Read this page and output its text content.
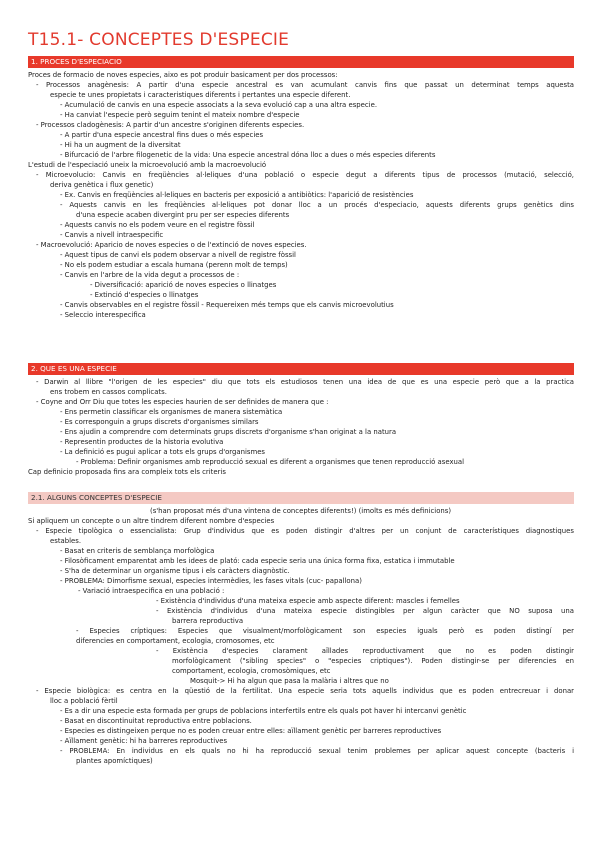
T15.1- CONCEPTES D'ESPECIE
1. PROCES D'ESPECIACIO
Proces de formacio de noves especies, aixo es pot produir basicament per dos processos:
- Processos anagènesis: A partir d'una especie ancestral es van acumulant canvis fins que passat un determinat temps aquesta
especie te unes propietats i caracteristiques diferents i pertantes una especie diferent.
- Acumulació de canvis en una especie associats a la seva evolució cap a una altra especie.
- Ha canviat l'especie però seguim tenint el mateix nombre d'especie
- Processos cladogènesis: A partir d'un ancestre s'originen diferents especies.
- A partir d'una especie ancestral fins dues o més especies
- Hi ha un augment de la diversitat
- Bifurcació de l'arbre filogenetic de la vida: Una especie ancestral dóna lloc a dues o més especies diferents
L'estudi de l'especiació uneix la microevolució amb la macroevolució
- Microevolucio: Canvis en freqüències al·leliques d'una població o especie degut a diferents tipus de processos (mutació, selecció,
deriva genètica i flux genetic)
- Ex. Canvis en freqüències al·leliques en bacteris per exposició a antibiòtics: l'aparició de resistències
- Aquests canvis en les freqüències al·leliques pot donar lloc a un procés d'especiacio, aquests diferents grups genètics dins
d'una especie acaben divergint pru per ser especies diferents
- Aquests canvis no els podem veure en el registre fòssil
- Canvis a nivell intraespecific
- Macroevolució: Aparicio de noves especies o de l'extinció de noves especies.
- Aquest tipus de canvi els podem observar a nivell de registre fòssil
- No els podem estudiar a escala humana (perenn molt de temps)
- Canvis en l'arbre de la vida degut a processos de :
- Diversificació: aparició de noves especies o llinatges
- Extinció d'especies o llinatges
- Canvis observables en el registre fòssil - Requereixen més temps que els canvis microevolutius
- Seleccio interespecifica
2. QUE ES UNA ESPECIE
- Darwin al llibre "l'origen de les especies" diu que tots els estudiosos tenen una idea de que es una especie però que a la practica
ens trobem en cassos complicats.
- Coyne and Orr Diu que totes les especies haurien de ser definides de manera que :
- Ens permetin classificar els organismes de manera sistemàtica
- Es corresponguin a grups discrets d'organismes similars
- Ens ajudin a comprendre com determinats grups discrets d'organisme s'han originat a la natura
- Representin productes de la historia evolutiva
- La definició es pugui aplicar a tots els grups d'organismes
- Problema: Definir organismes amb reproducció sexual es diferent a organismes que tenen reproducció asexual
Cap definicio proposada fins ara compleix tots els criteris
2.1. ALGUNS CONCEPTES D'ESPECIE
(s'han proposat més d'una vintena de conceptes diferents!) (imolts es més definicions)
Si apliquem un concepte o un altre tindrem diferent nombre d'especies
- Especie tipològica o essencialista: Grup d'individus que es poden distingir d'altres per un conjunt de característiques diagnostiques
estables.
- Basat en criteris de semblança morfològica
- Filosòficament emparentat amb les idees de plató: cada especie seria una única forma fixa, estatica i immutable
- S'ha de determinar un organisme tipus i els caràcters diagnòstic.
- PROBLEMA: Dimorfisme sexual, especies intermèdies, les fases vitals (cuc- papallona)
- Variació intraespecifica en una població :
- Existència d'individus d'una mateixa especie amb aspecte diferent: mascles i femelles
- Existència d'individus d'una mateixa especie distingibles per algun caràcter que NO suposa una
barrera reproductiva
- Especies críptiques: Especies que visualment/morfològicament son especies iguals però es poden distingí per
diferencies en comportament, ecologia, cromosomes, etc
- Existència d'especies clarament aïllades reproductivament que no es poden distingir
morfològicament ("sibling species" o "especies criptiques"). Poden distingir-se per diferencies en
comportament, ecologia, cromosòmiques, etc
Mosquit-> Hi ha algun que pasa la malària i altres que no
- Especie biològica: es centra en la qüestió de la fertilitat. Una especie seria tots aquells individus que es poden entrecreuar i donar
lloc a població fèrtil
- Es a dir una especie esta formada per grups de poblacions interfertils entre els quals pot haver hi intercanvi genètic
- Basat en discontinuitat reproductiva entre poblacions.
- Especies es distingeixen perque no es poden creuar entre elles: aïllament genètic per barreres reproductives
- Aïllament genètic: hi ha barreres reproductives
- PROBLEMA: En individus en els quals no hi ha reproducció sexual tenim problemes per aplicar aquest concepte (bacteris i
plantes apomíctiques)
